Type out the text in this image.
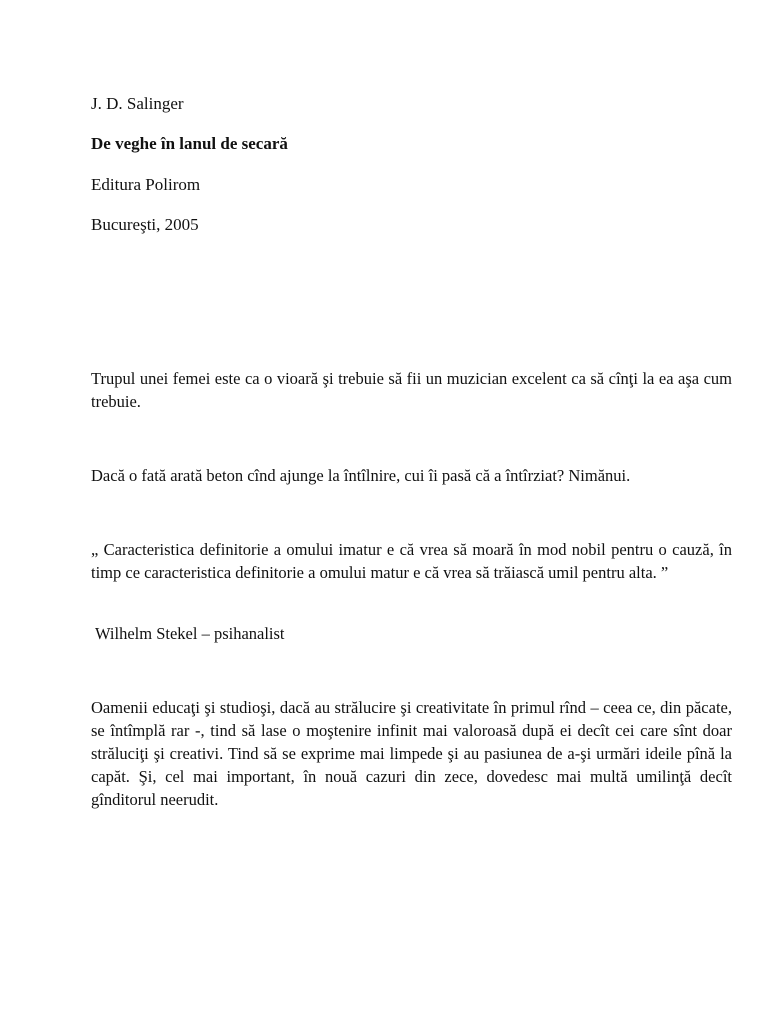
J. D. Salinger

De veghe în lanul de secară

Editura Polirom

Bucureşti, 2005

Trupul unei femei este ca o vioară şi trebuie să fii un muzician excelent ca să cînţi la ea aşa cum trebuie.

Dacă o fată arată beton cînd ajunge la întîlnire, cui îi pasă că a întîrziat? Nimănui.

„ Caracteristica definitorie a omului imatur e că vrea să moară în mod nobil pentru o cauză, în timp ce caracteristica definitorie a omului matur e că vrea să trăiască umil pentru alta. ”

Wilhelm Stekel – psihanalist

Oamenii educaţi şi studioşi, dacă au strălucire şi creativitate în primul rînd – ceea ce, din păcate, se întîmplă rar -, tind să lase o moştenire infinit mai valoroasă după ei decît cei care sînt doar străluciţi şi creativi. Tind să se exprime mai limpede şi au pasiunea de a-şi urmări ideile pînă la capăt. Şi, cel mai important, în nouă cazuri din zece, dovedesc mai multă umilinţă decît gînditorul neerudit.
